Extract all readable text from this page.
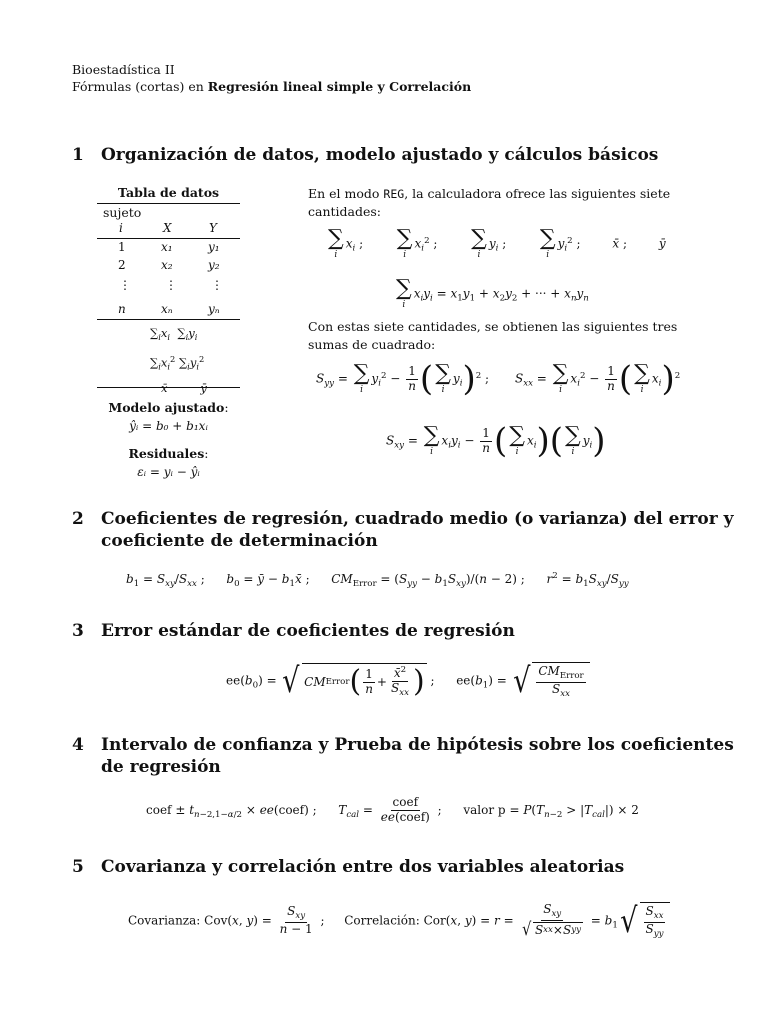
Bioestadística II
Fórmulas (cortas) en Regresión lineal simple y Correlación
1 Organización de datos, modelo ajustado y cálculos básicos
Tabla de datos
sujeto
i	X	Y
1	x₁	y₁
2	x₂	y₂
⋮	⋮	⋮
n	xₙ	yₙ
$\sum_ix_i$ $\sum_iy_i$
$\sum_ix_i^2$ $\sum_iy_i^2$
x̄         ȳ
Modelo ajustado:
ŷᵢ = b₀ + b₁xᵢ
Residuales:
εᵢ = yᵢ − ŷᵢ
En el modo REG, la calculadora ofrece las siguientes siete cantidades:
∑
i
$x_i$ ; ∑
i
$x_i^2$ ; ∑
i
$y_i$ ; ∑
i
$y_i^2$ ;	x̄ ;	ȳ
∑
i
$x_iy_i = x_1y_1 + x_2y_2$ + ··· + $x_ny_n$
Con estas siete cantidades, se obtienen las siguientes tres sumas de cuadrado:
$S_{yy}$ = ∑
i
$y_i^2 - \frac{1}{n}$ ( ∑
i
$y_i)^2$ ; $S_{xx}$ = ∑
i
$x_i^2 - \frac{1}{n}$ ( ∑
i
$x_i)^2$
$S_{xy}$ = ∑
i
$x_iy_i - \frac{1}{n}$ ( ∑
i
$x_i$)( ∑
i
$y_i$)
2 Coeficientes de regresión, cuadrado medio (o varianza) del error y coeficiente de determinación
$b_1 = S_{xy}/S_{xx}$ ;  $b_0$ = ȳ − $b_1x̄$ ;  $CM_{Error} = (S_{yy} - b_1S_{xy})/(n - 2)$ ;  $r^2 = b_1S_{xy}/S_{yy}$
3 Error estándar de coeficientes de regresión
$ee(b_0)$ = √ CM Error ( $\frac{1}{n} + \frac{x̄^2}{S_{xx}}$ ) ; $ee(b_1)$ = √ $\frac{CM_{Error}}{S_{xx}}$
4 Intervalo de confianza y Prueba de hipótesis sobre los coeficientes de regresión
coef ± $t_{n-2,1-\alpha/2}$ × ee(coef) ;  $T_{cal} = \frac{\text{coef}}{\text{ee(coef)}}$ ; valor $p = P(T_{n-2} > |T_{cal}|) \times 2$
5 Covarianza y correlación entre dos variables aleatorias
Covarianza: Cov(x, $y) = \frac{S_{xy}}{n - 1}$ ; Correlación: Cor(x, $y) = r = \frac{S_{xy}}{\text{√ S xx × S yy}} = b_1$ √ $\frac{S_{xx}}{S_{yy}}$
